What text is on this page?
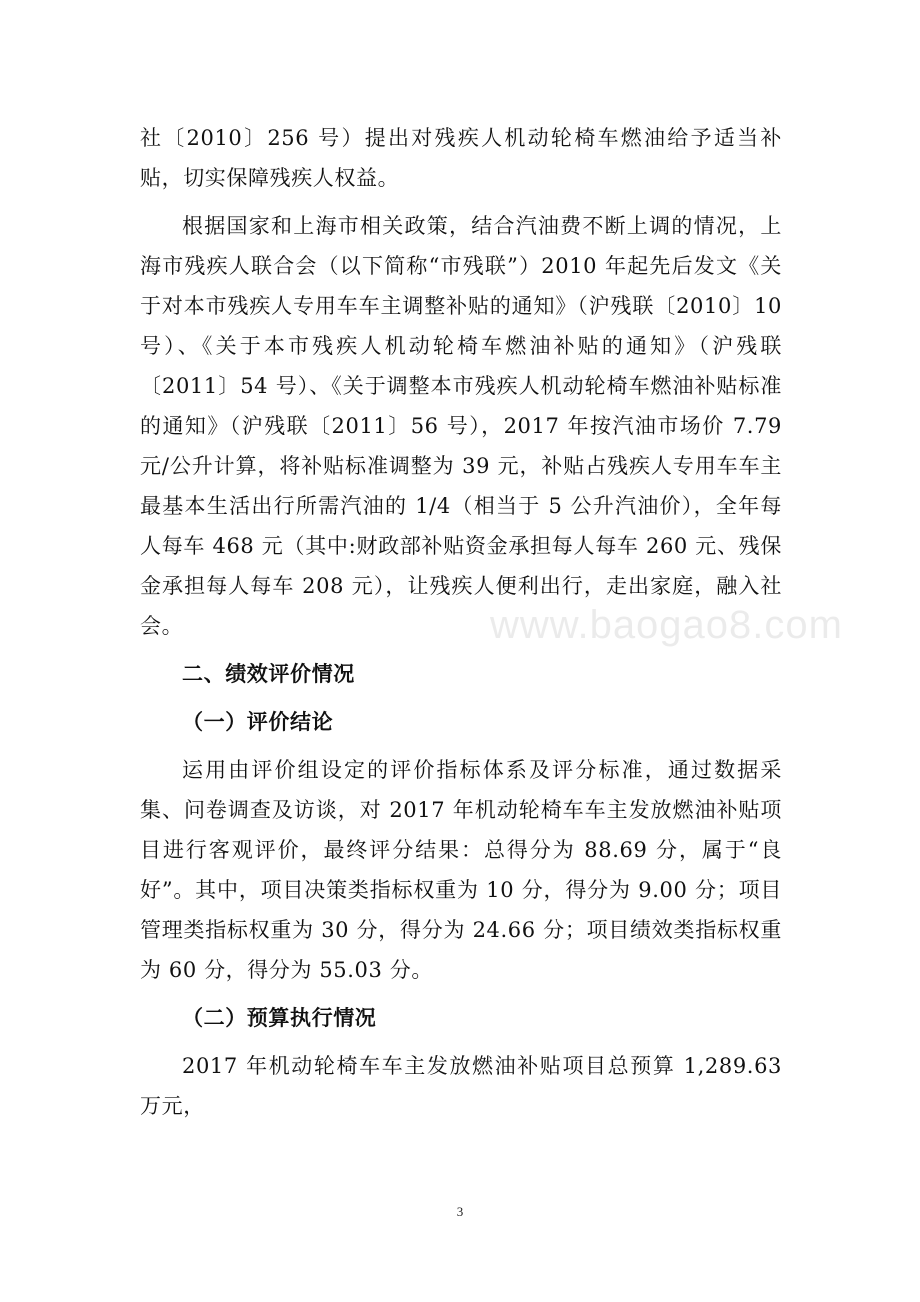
社〔2010〕256 号）提出对残疾人机动轮椅车燃油给予适当补贴，切实保障残疾人权益。

根据国家和上海市相关政策，结合汽油费不断上调的情况，上海市残疾人联合会（以下简称“市残联”）2010 年起先后发文《关于对本市残疾人专用车车主调整补贴的通知》（沪残联〔2010〕10 号）、《关于本市残疾人机动轮椅车燃油补贴的通知》（沪残联〔2011〕54 号）、《关于调整本市残疾人机动轮椅车燃油补贴标准的通知》（沪残联〔2011〕56 号），2017 年按汽油市场价 7.79 元/公升计算，将补贴标准调整为 39 元，补贴占残疾人专用车车主最基本生活出行所需汽油的 1/4（相当于 5 公升汽油价），全年每人每车 468 元（其中:财政部补贴资金承担每人每车 260 元、残保金承担每人每车 208 元），让残疾人便利出行，走出家庭，融入社会。

二、绩效评价情况

（一）评价结论

运用由评价组设定的评价指标体系及评分标准，通过数据采集、问卷调查及访谈，对 2017 年机动轮椅车车主发放燃油补贴项目进行客观评价，最终评分结果：总得分为 88.69 分，属于“良好”。其中，项目决策类指标权重为 10 分，得分为 9.00 分；项目管理类指标权重为 30 分，得分为 24.66 分；项目绩效类指标权重为 60 分，得分为 55.03 分。

（二）预算执行情况

2017 年机动轮椅车车主发放燃油补贴项目总预算 1,289.63 万元，

www.baogao8.com
3
